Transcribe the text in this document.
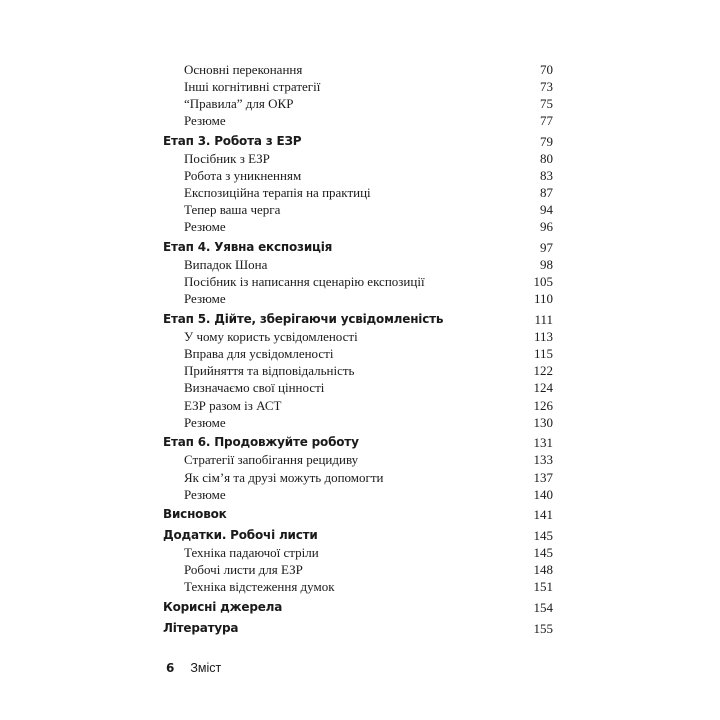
Основні переконання	70
Інші когнітивні стратегії	73
“Правила” для ОКР	75
Резюме	77
Етап 3. Робота з ЕЗР	79
Посібник з ЕЗР	80
Робота з уникненням	83
Експозиційна терапія на практиці	87
Тепер ваша черга	94
Резюме	96
Етап 4. Уявна експозиція	97
Випадок Шона	98
Посібник із написання сценарію експозиції	105
Резюме	110
Етап 5. Дійте, зберігаючи усвідомленість	111
У чому користь усвідомленості	113
Вправа для усвідомленості	115
Прийняття та відповідальність	122
Визначаємо свої цінності	124
ЕЗР разом із АСТ	126
Резюме	130
Етап 6. Продовжуйте роботу	131
Стратегії запобігання рецидиву	133
Як сім’я та друзі можуть допомогти	137
Резюме	140
Висновок	141
Додатки. Робочі листи	145
Техніка падаючої стріли	145
Робочі листи для ЕЗР	148
Техніка відстеження думок	151
Корисні джерела	154
Література	155
6 Зміст
